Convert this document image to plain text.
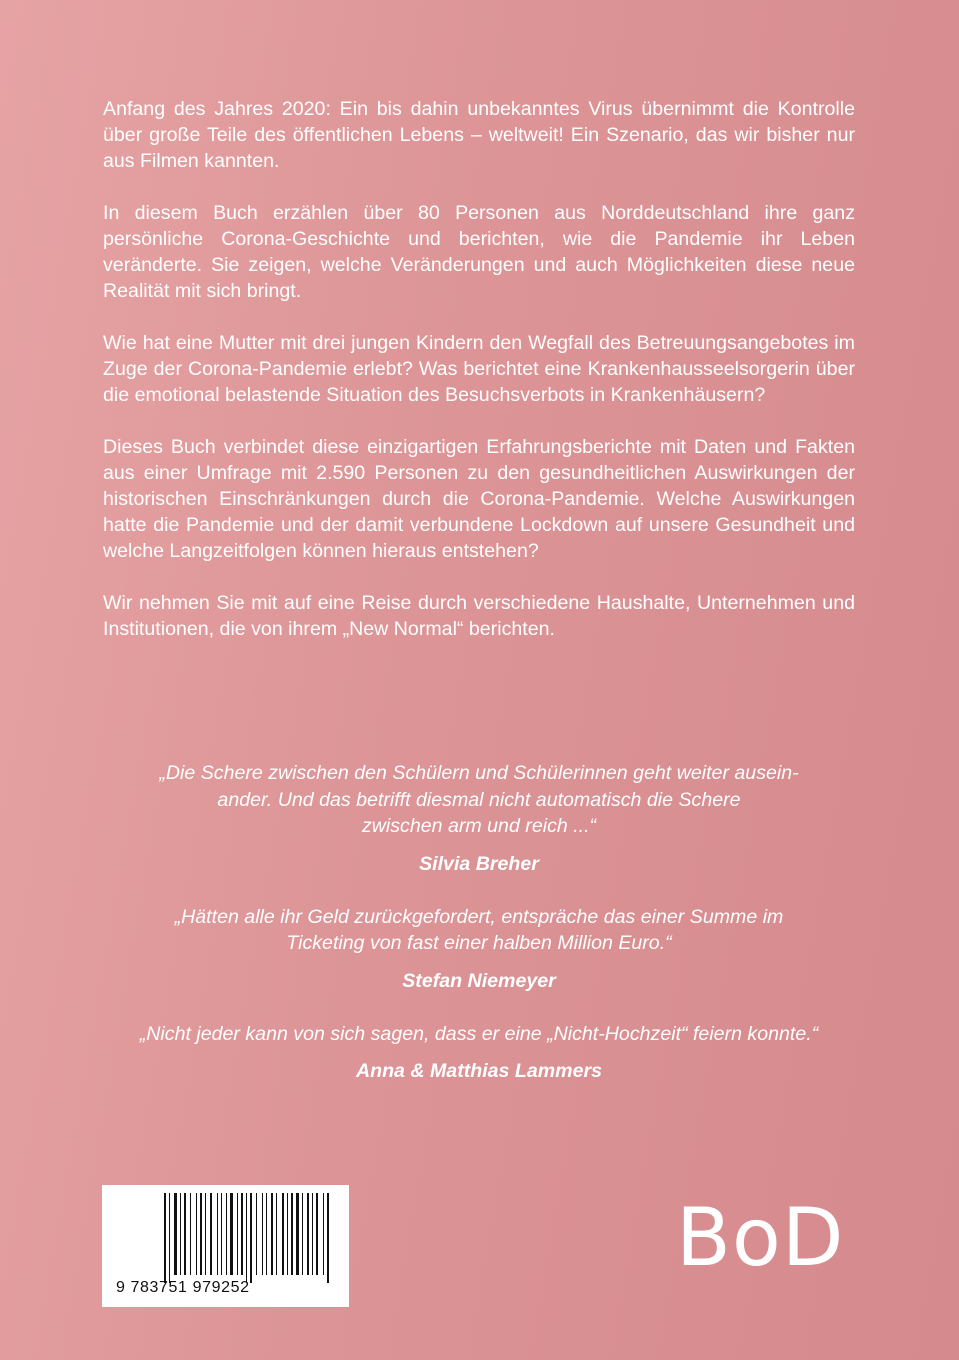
Anfang des Jahres 2020: Ein bis dahin unbekanntes Virus übernimmt die Kontrolle über große Teile des öffentlichen Lebens – weltweit! Ein Szenario, das wir bisher nur aus Filmen kannten.

In diesem Buch erzählen über 80 Personen aus Norddeutschland ihre ganz persönliche Corona-Geschichte und berichten, wie die Pandemie ihr Leben veränderte. Sie zeigen, welche Veränderungen und auch Möglichkeiten diese neue Realität mit sich bringt.

Wie hat eine Mutter mit drei jungen Kindern den Wegfall des Betreuungsangebotes im Zuge der Corona-Pandemie erlebt? Was berichtet eine Krankenhausseelsorgerin über die emotional belastende Situation des Besuchsverbots in Krankenhäusern?

Dieses Buch verbindet diese einzigartigen Erfahrungsberichte mit Daten und Fakten aus einer Umfrage mit 2.590 Personen zu den gesundheitlichen Auswirkungen der historischen Einschränkungen durch die Corona-Pandemie. Welche Auswirkungen hatte die Pandemie und der damit verbundene Lockdown auf unsere Gesundheit und welche Langzeitfolgen können hieraus entstehen?

Wir nehmen Sie mit auf eine Reise durch verschiedene Haushalte, Unternehmen und Institutionen, die von ihrem „New Normal“ berichten.

„Die Schere zwischen den Schülern und Schülerinnen geht weiter ausein-
ander. Und das betrifft diesmal nicht automatisch die Schere
zwischen arm und reich ...“

Silvia Breher

„Hätten alle ihr Geld zurückgefordert, entspräche das einer Summe im
Ticketing von fast einer halben Million Euro.“

Stefan Niemeyer

„Nicht jeder kann von sich sagen, dass er eine „Nicht-Hochzeit“ feiern konnte.“

Anna & Matthias Lammers

9 783751 979252
BoD
